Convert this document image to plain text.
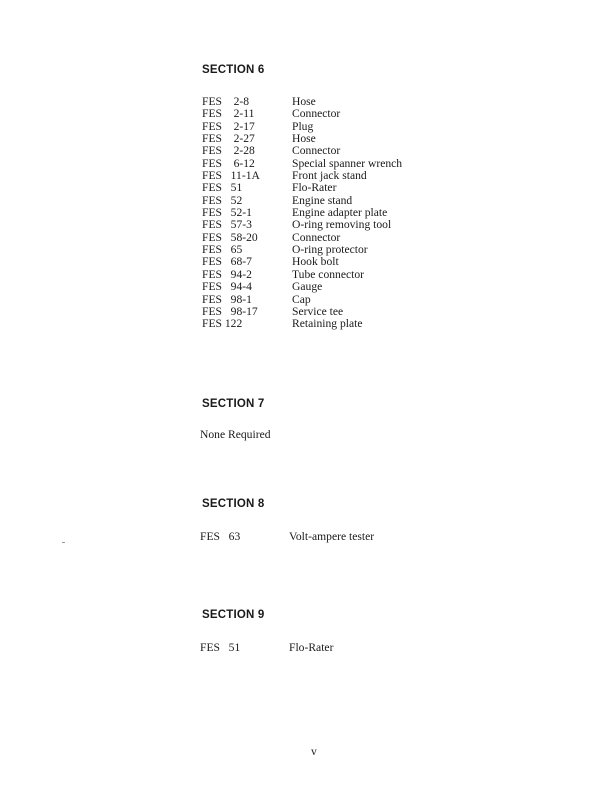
SECTION 6
FES    2-8	Hose
FES    2-11	Connector
FES    2-17	Plug
FES    2-27	Hose
FES    2-28	Connector
FES    6-12	Special spanner wrench
FES   11-1A	Front jack stand
FES   51	Flo-Rater
FES   52	Engine stand
FES   52-1	Engine adapter plate
FES   57-3	O-ring removing tool
FES   58-20	Connector
FES   65	O-ring protector
FES   68-7	Hook bolt
FES   94-2	Tube connector
FES   94-4	Gauge
FES   98-1	Cap
FES   98-17	Service tee
FES 122	Retaining plate
SECTION 7
None Required
SECTION 8
FES   63	Volt-ampere tester
SECTION 9
FES   51	Flo-Rater
v
